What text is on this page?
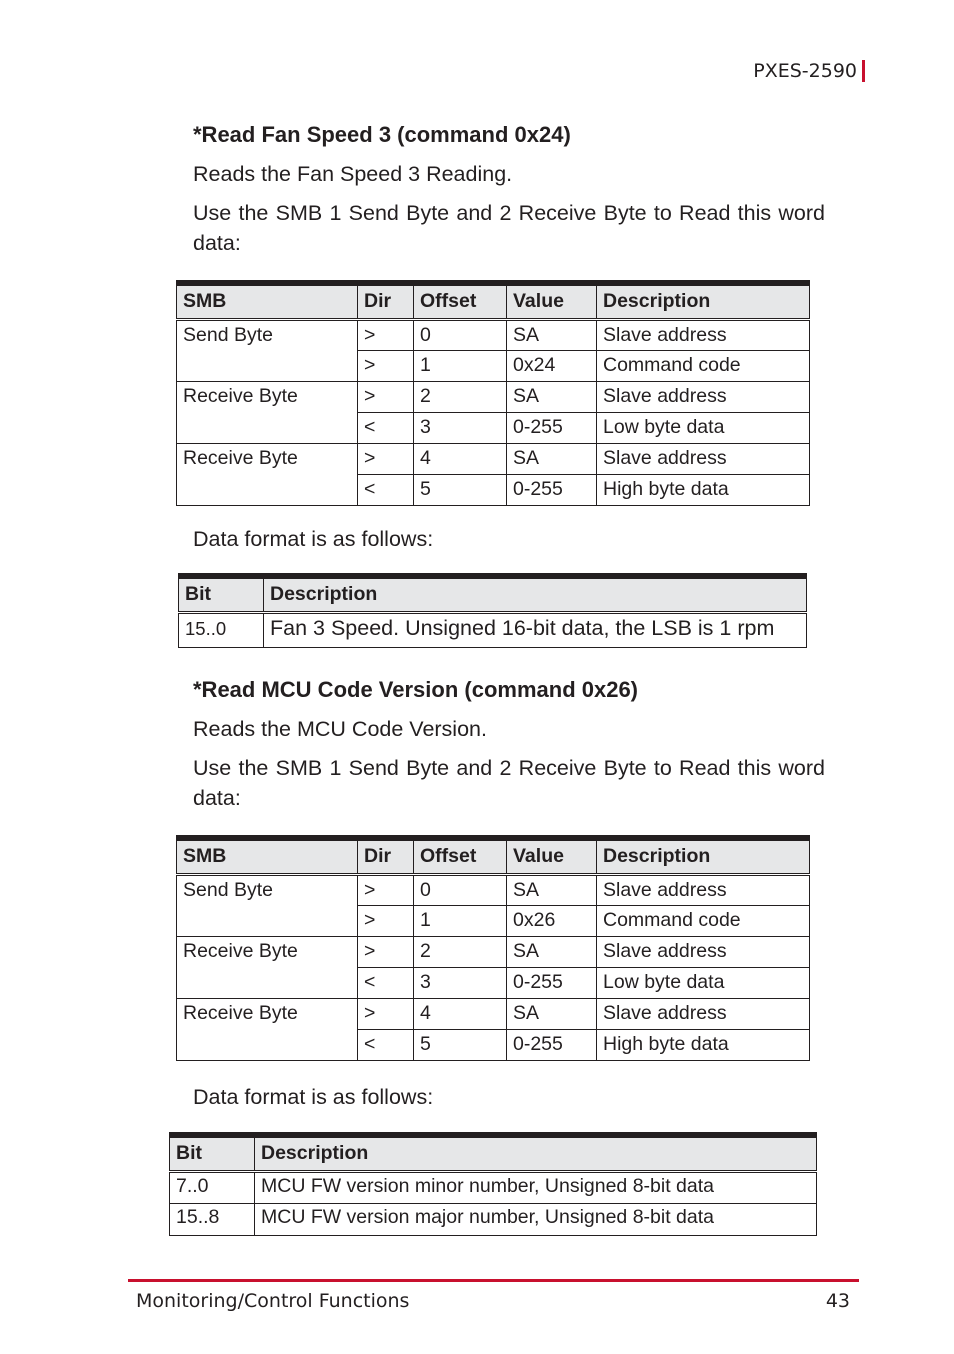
PXES-2590
*Read Fan Speed 3 (command 0x24)
Reads the Fan Speed 3 Reading.
Use the SMB 1 Send Byte and 2 Receive Byte to Read this word data:
SMB	Dir	Offset	Value	Description
Send Byte	>	0	SA	Slave address
	>	1	0x24	Command code
Receive Byte	>	2	SA	Slave address
	<	3	0-255	Low byte data
Receive Byte	>	4	SA	Slave address
	<	5	0-255	High byte data
Data format is as follows:
Bit	Description
15..0	Fan 3 Speed. Unsigned 16-bit data, the LSB is 1 rpm
*Read MCU Code Version (command 0x26)
Reads the MCU Code Version.
Use the SMB 1 Send Byte and 2 Receive Byte to Read this word data:
SMB	Dir	Offset	Value	Description
Send Byte	>	0	SA	Slave address
	>	1	0x26	Command code
Receive Byte	>	2	SA	Slave address
	<	3	0-255	Low byte data
Receive Byte	>	4	SA	Slave address
	<	5	0-255	High byte data
Data format is as follows:
Bit	Description
7..0	MCU FW version minor number, Unsigned 8-bit data
15..8	MCU FW version major number, Unsigned 8-bit data
Monitoring/Control Functions	43
